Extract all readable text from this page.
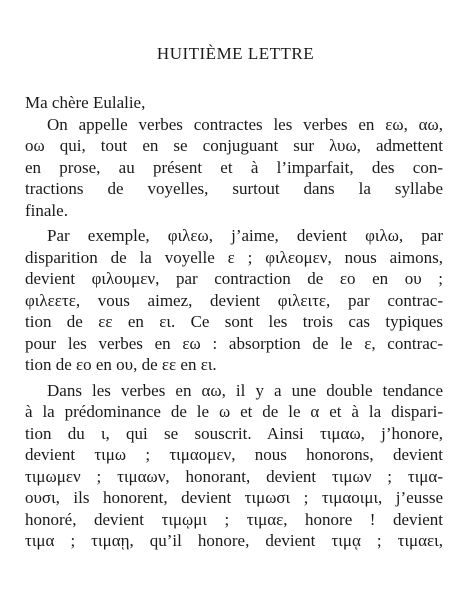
HUITIÈME LETTRE
Ma chère Eulalie,
On appelle verbes contractes les verbes en εω, αω,
οω qui, tout en se conjuguant sur λυω, admettent
en prose, au présent et à l’imparfait, des con-
tractions de voyelles, surtout dans la syllabe
finale.
Par exemple, φιλεω, j’aime, devient φιλω, par
disparition de la voyelle ε ; φιλεομεν, nous aimons,
devient φιλουμεν, par contraction de εο en ου ;
φιλεετε, vous aimez, devient φιλειτε, par contrac-
tion de εε en ει. Ce sont les trois cas typiques
pour les verbes en εω : absorption de le ε, contrac-
tion de εο en ου, de εε en ει.
Dans les verbes en αω, il y a une double tendance
à la prédominance de le ω et de le α et à la dispari-
tion du ι, qui se souscrit. Ainsi τιμαω, j’honore,
devient τιμω ; τιμαομεν, nous honorons, devient
τιμωμεν ; τιμαων, honorant, devient τιμων ; τιμα-
ουσι, ils honorent, devient τιμωσι ; τιμαοιμι, j’eusse
honoré, devient τιμῳμι ; τιμαε, honore ! devient
τιμα ; τιμαῃ, qu’il honore, devient τιμᾳ ; τιμαει,
